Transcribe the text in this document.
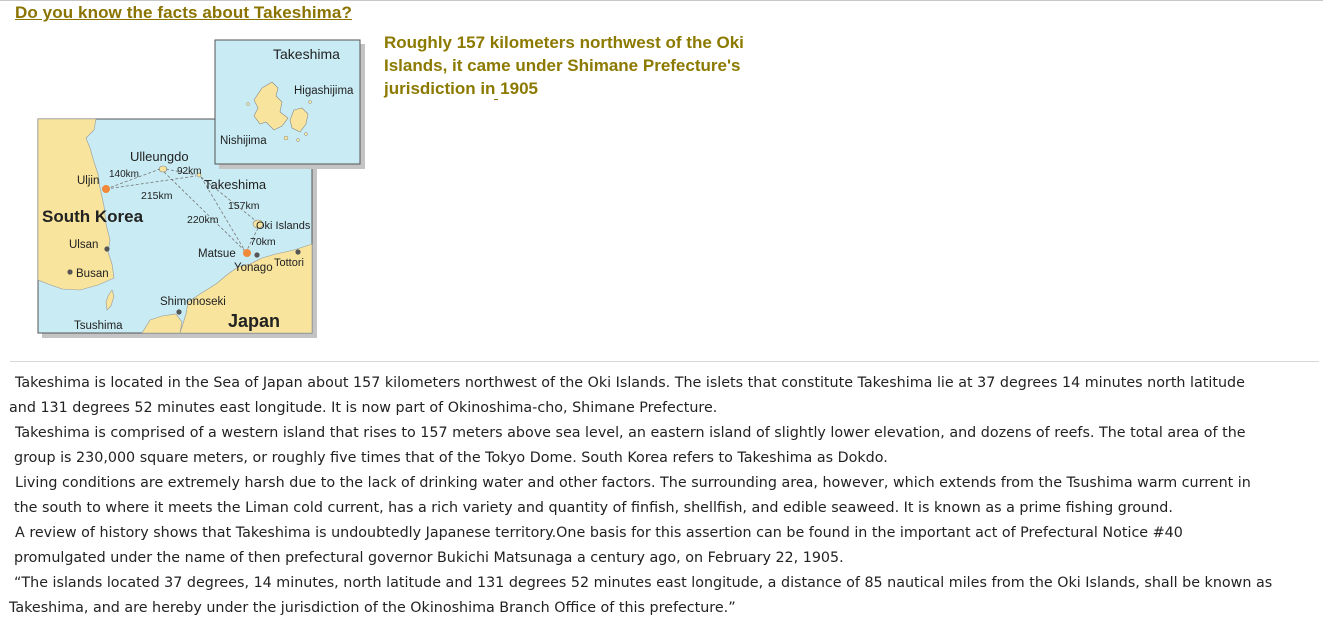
Do you know the facts about Takeshima?
Roughly 157 kilometers northwest of the Oki Islands, it came under Shimane Prefecture's jurisdiction in 1905
Ulleungdo
Uljin
140km	92km
Takeshima
215km
South Korea
157km
220km	Oki Islands
Ulsan	70km
Matsue
Tottori
Yonago
Busan
Shimonoseki
Japan
Tsushima
Takeshima
Higashijima
Nishijima

Takeshima is located in the Sea of Japan about 157 kilometers northwest of the Oki Islands. The islets that constitute Takeshima lie at 37 degrees 14 minutes north latitude
and 131 degrees 52 minutes east longitude. It is now part of Okinoshima-cho, Shimane Prefecture.

Takeshima is comprised of a western island that rises to 157 meters above sea level, an eastern island of slightly lower elevation, and dozens of reefs. The total area of the
group is 230,000 square meters, or roughly five times that of the Tokyo Dome. South Korea refers to Takeshima as Dokdo.

Living conditions are extremely harsh due to the lack of drinking water and other factors. The surrounding area, however, which extends from the Tsushima warm current in
the south to where it meets the Liman cold current, has a rich variety and quantity of finfish, shellfish, and edible seaweed. It is known as a prime fishing ground.

A review of history shows that Takeshima is undoubtedly Japanese territory.One basis for this assertion can be found in the important act of Prefectural Notice #40
promulgated under the name of then prefectural governor Bukichi Matsunaga a century ago, on February 22, 1905.

“The islands located 37 degrees, 14 minutes, north latitude and 131 degrees 52 minutes east longitude, a distance of 85 nautical miles from the Oki Islands, shall be known as
Takeshima, and are hereby under the jurisdiction of the Okinoshima Branch Office of this prefecture.”
